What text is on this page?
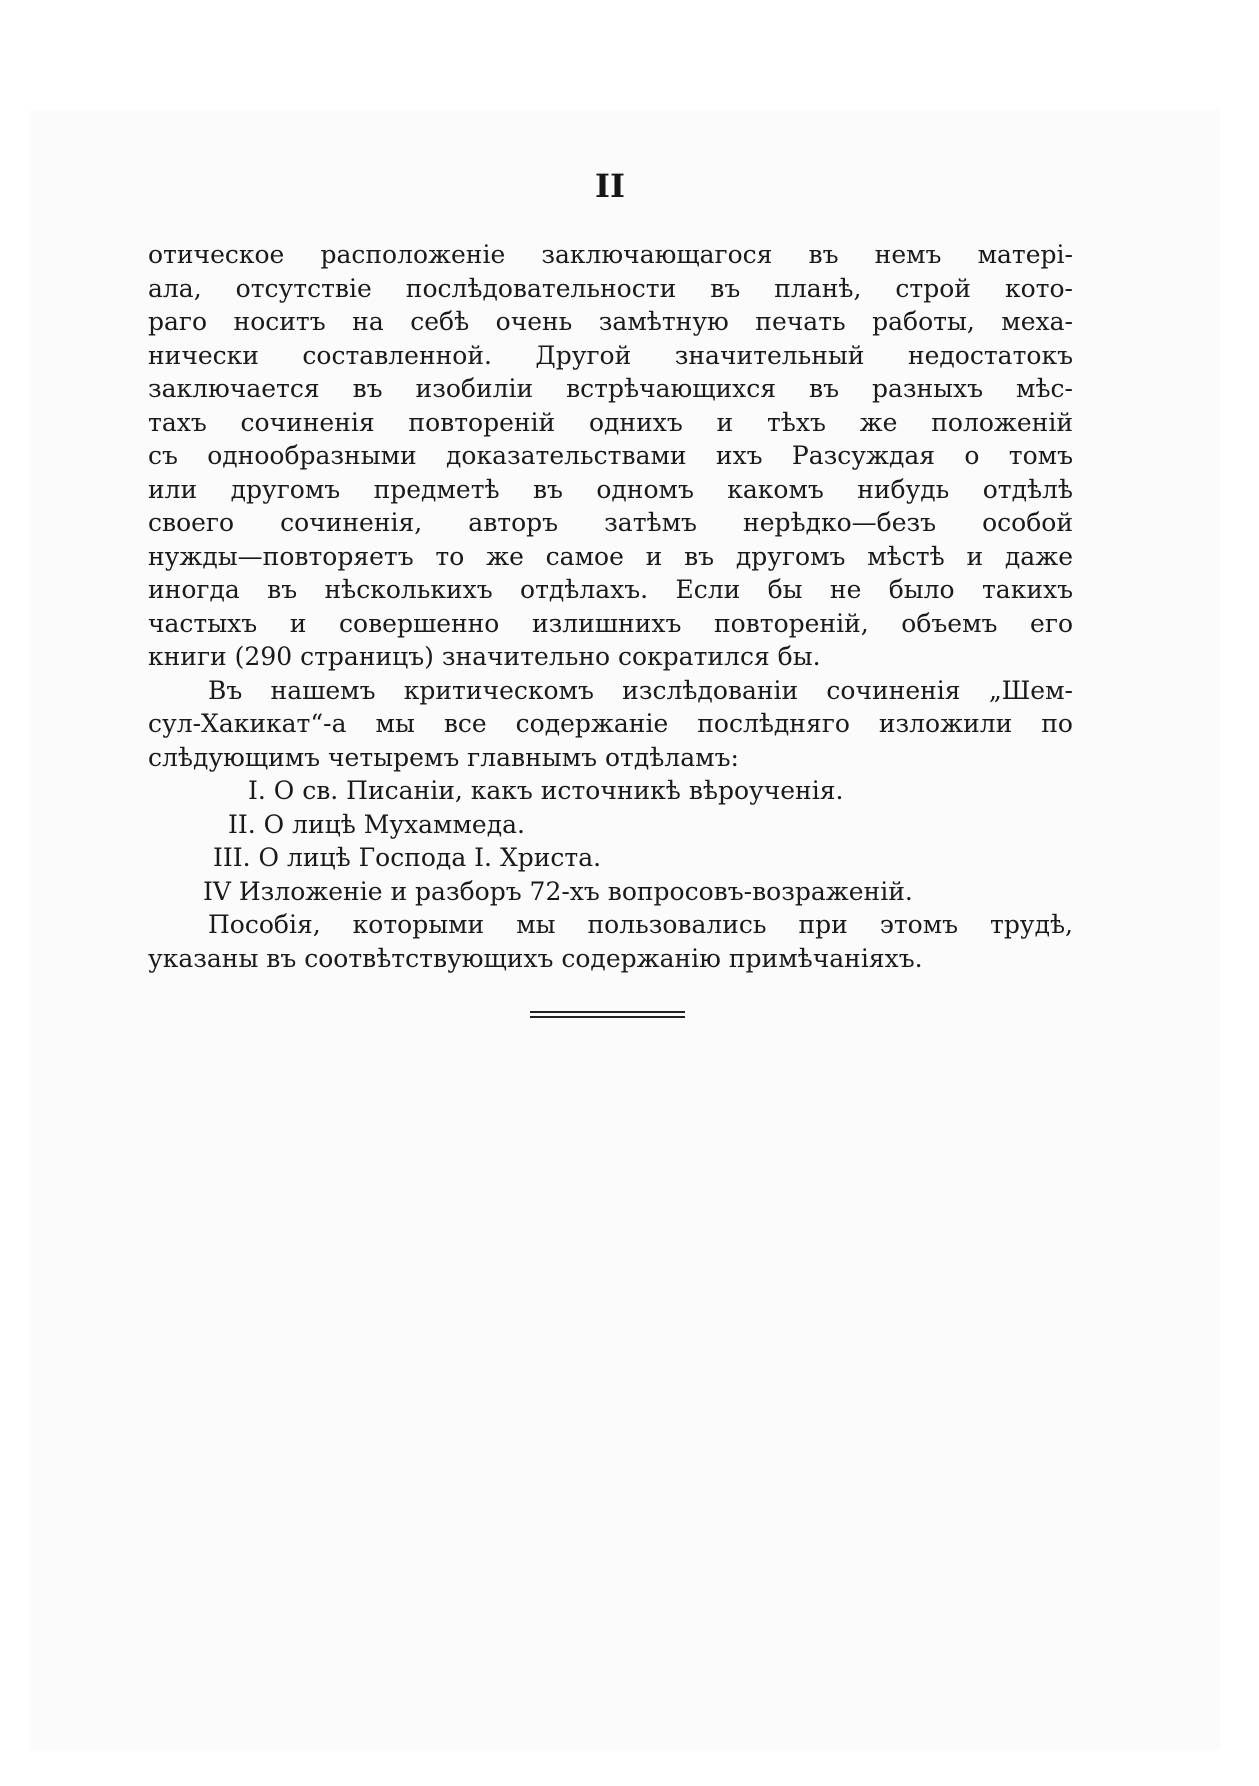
II
отическое расположеніе заключающагося въ немъ матері-
ала, отсутствіе послѣдовательности въ планѣ, строй кото-
раго носитъ на себѣ очень замѣтную печать работы, меха-
нически составленной. Другой значительный недостатокъ
заключается въ изобиліи встрѣчающихся въ разныхъ мѣс-
тахъ сочиненія повтореній однихъ и тѣхъ же положеній
съ однообразными доказательствами ихъ Разсуждая о томъ
или другомъ предметѣ въ одномъ какомъ нибудь отдѣлѣ
своего сочиненія, авторъ затѣмъ нерѣдко—безъ особой
нужды—повторяетъ то же самое и въ другомъ мѣстѣ и даже
иногда въ нѣсколькихъ отдѣлахъ. Если бы не было такихъ
частыхъ и совершенно излишнихъ повтореній, объемъ его
книги (290 страницъ) значительно сократился бы.
Въ нашемъ критическомъ изслѣдованіи сочиненія „Шем-
сул-Хакикат“-а мы все содержаніе послѣдняго изложили по
слѣдующимъ четыремъ главнымъ отдѣламъ:
I. О св. Писаніи, какъ источникѣ вѣроученія.
II. О лицѣ Мухаммеда.
III. О лицѣ Господа I. Христа.
IV Изложеніе и разборъ 72-хъ вопросовъ-возраженій.
Пособія, которыми мы пользовались при этомъ трудѣ,
указаны въ соотвѣтствующихъ содержанію примѣчаніяхъ.
